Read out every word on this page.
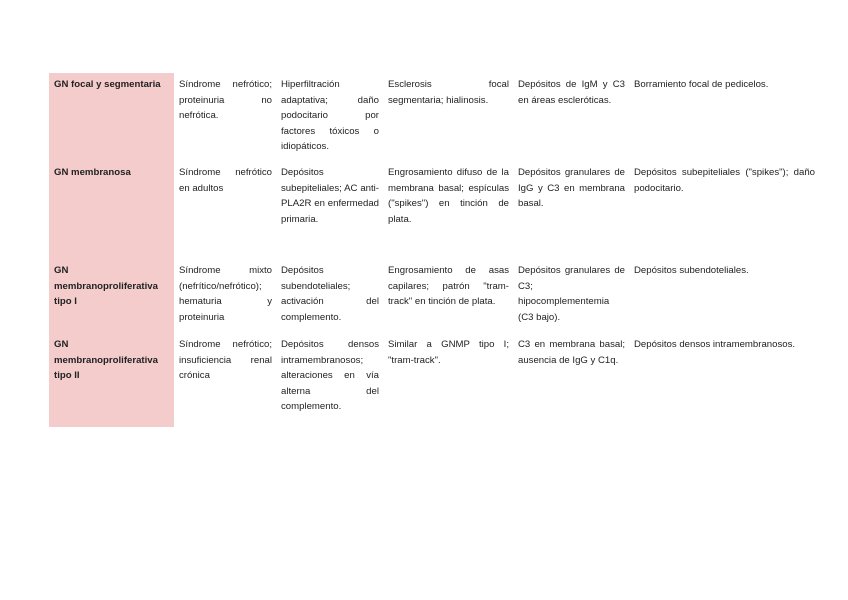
GN focal y segmentaria	Síndrome nefrótico; proteinuria no nefrótica.	Hiperfiltración adaptativa; daño podocitario por factores tóxicos o idiopáticos.	Esclerosis focal segmentaria; hialinosis.	Depósitos de IgM y C3 en áreas escleróticas.	Borramiento focal de pedicelos.
GN membranosa	Síndrome nefrótico en adultos	Depósitos subepiteliales; AC anti-PLA2R en enfermedad primaria.	Engrosamiento difuso de la membrana basal; espículas ("spikes") en tinción de plata.	Depósitos granulares de IgG y C3 en membrana basal.	Depósitos subepiteliales ("spikes"); daño podocitario.
GN membranoproliferativa tipo I	Síndrome mixto (nefrítico/nefrótico); hematuria y proteinuria	Depósitos subendoteliales; activación del complemento.	Engrosamiento de asas capilares; patrón "tram-track" en tinción de plata.	Depósitos granulares de C3; hipocomplementemia (C3 bajo).	Depósitos subendoteliales.
GN membranoproliferativa tipo II	Síndrome nefrótico; insuficiencia renal crónica	Depósitos densos intramembranosos; alteraciones en vía alterna del complemento.	Similar a GNMP tipo I; "tram-track".	C3 en membrana basal; ausencia de IgG y C1q.	Depósitos densos intramembranosos.
